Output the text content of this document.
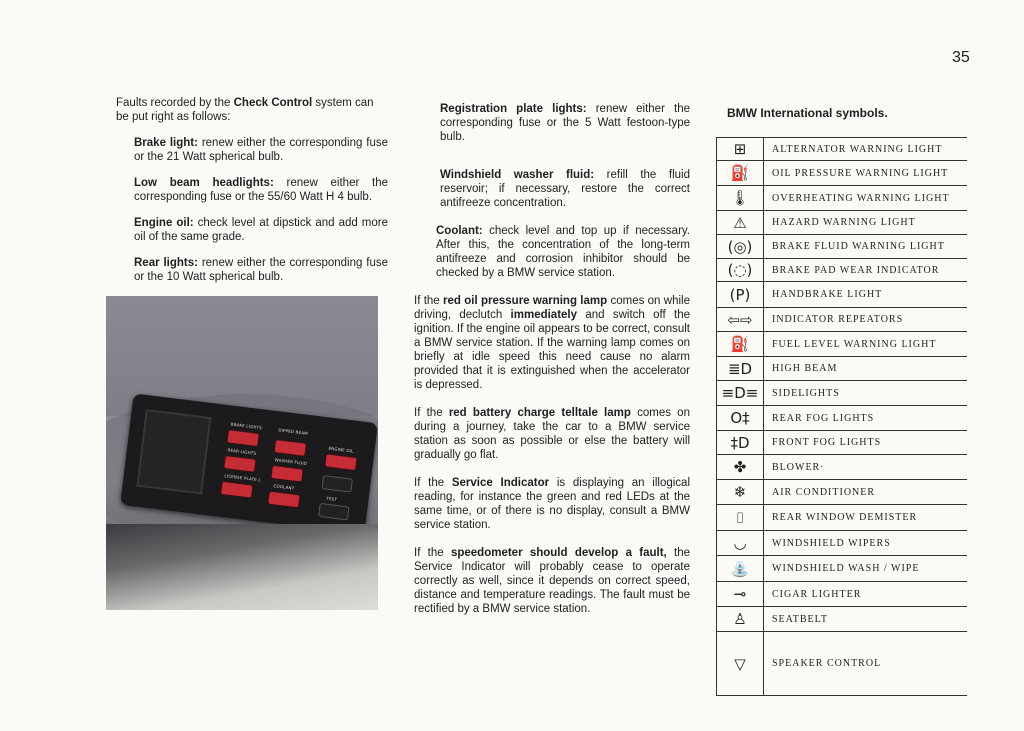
35

Faults recorded by the Check Control system can be put right as follows:

Brake light: renew either the corresponding fuse or the 21 Watt spherical bulb.

Low beam headlights: renew either the corresponding fuse or the 55/60 Watt H 4 bulb.

Engine oil: check level at dipstick and add more oil of the same grade.

Rear lights: renew either the corresponding fuse or the 10 Watt spherical bulb.

BRAKE LIGHTS
DIPPED BEAM
ENGINE OIL
REAR LIGHTS
WASHER FLUID
LICENSE PLATE L
COOLANT
TEST

Registration plate lights: renew either the corresponding fuse or the 5 Watt festoon-type bulb.

Windshield washer fluid: refill the fluid reservoir; if necessary, restore the correct antifreeze concentration.

Coolant: check level and top up if necessary. After this, the concentration of the long-term antifreeze and corrosion inhibitor should be checked by a BMW service station.

If the red oil pressure warning lamp comes on while driving, declutch immediately and switch off the ignition. If the engine oil appears to be correct, consult a BMW service station. If the warning lamp comes on briefly at idle speed this need cause no alarm provided that it is extinguished when the accelerator is depressed.

If the red battery charge telltale lamp comes on during a journey, take the car to a BMW service station as soon as possible or else the battery will gradually go flat.

If the Service Indicator is displaying an illogical reading, for instance the green and red LEDs at the same time, or of there is no display, consult a BMW service station.

If the speedometer should develop a fault, the Service Indicator will probably cease to operate correctly as well, since it depends on correct speed, distance and temperature readings. The fault must be rectified by a BMW service station.

BMW International symbols.
⊞	ALTERNATOR WARNING LIGHT
⛽	OIL PRESSURE WARNING LIGHT
🌡	OVERHEATING WARNING LIGHT
⚠	HAZARD WARNING LIGHT
(◎)	BRAKE FLUID WARNING LIGHT
(◌)	BRAKE PAD WEAR INDICATOR
(P)	HANDBRAKE LIGHT
⇦⇨	INDICATOR REPEATORS
⛽	FUEL LEVEL WARNING LIGHT
≣D	HIGH BEAM
≡D≡	SIDELIGHTS
O‡	REAR FOG LIGHTS
‡D	FRONT FOG LIGHTS
✤	BLOWER·
❄	AIR CONDITIONER
⌷	REAR WINDOW DEMISTER
◡	WINDSHIELD WIPERS
⛲	WINDSHIELD WASH / WIPE
⊸	CIGAR LIGHTER
♙	SEATBELT
▽	SPEAKER CONTROL
